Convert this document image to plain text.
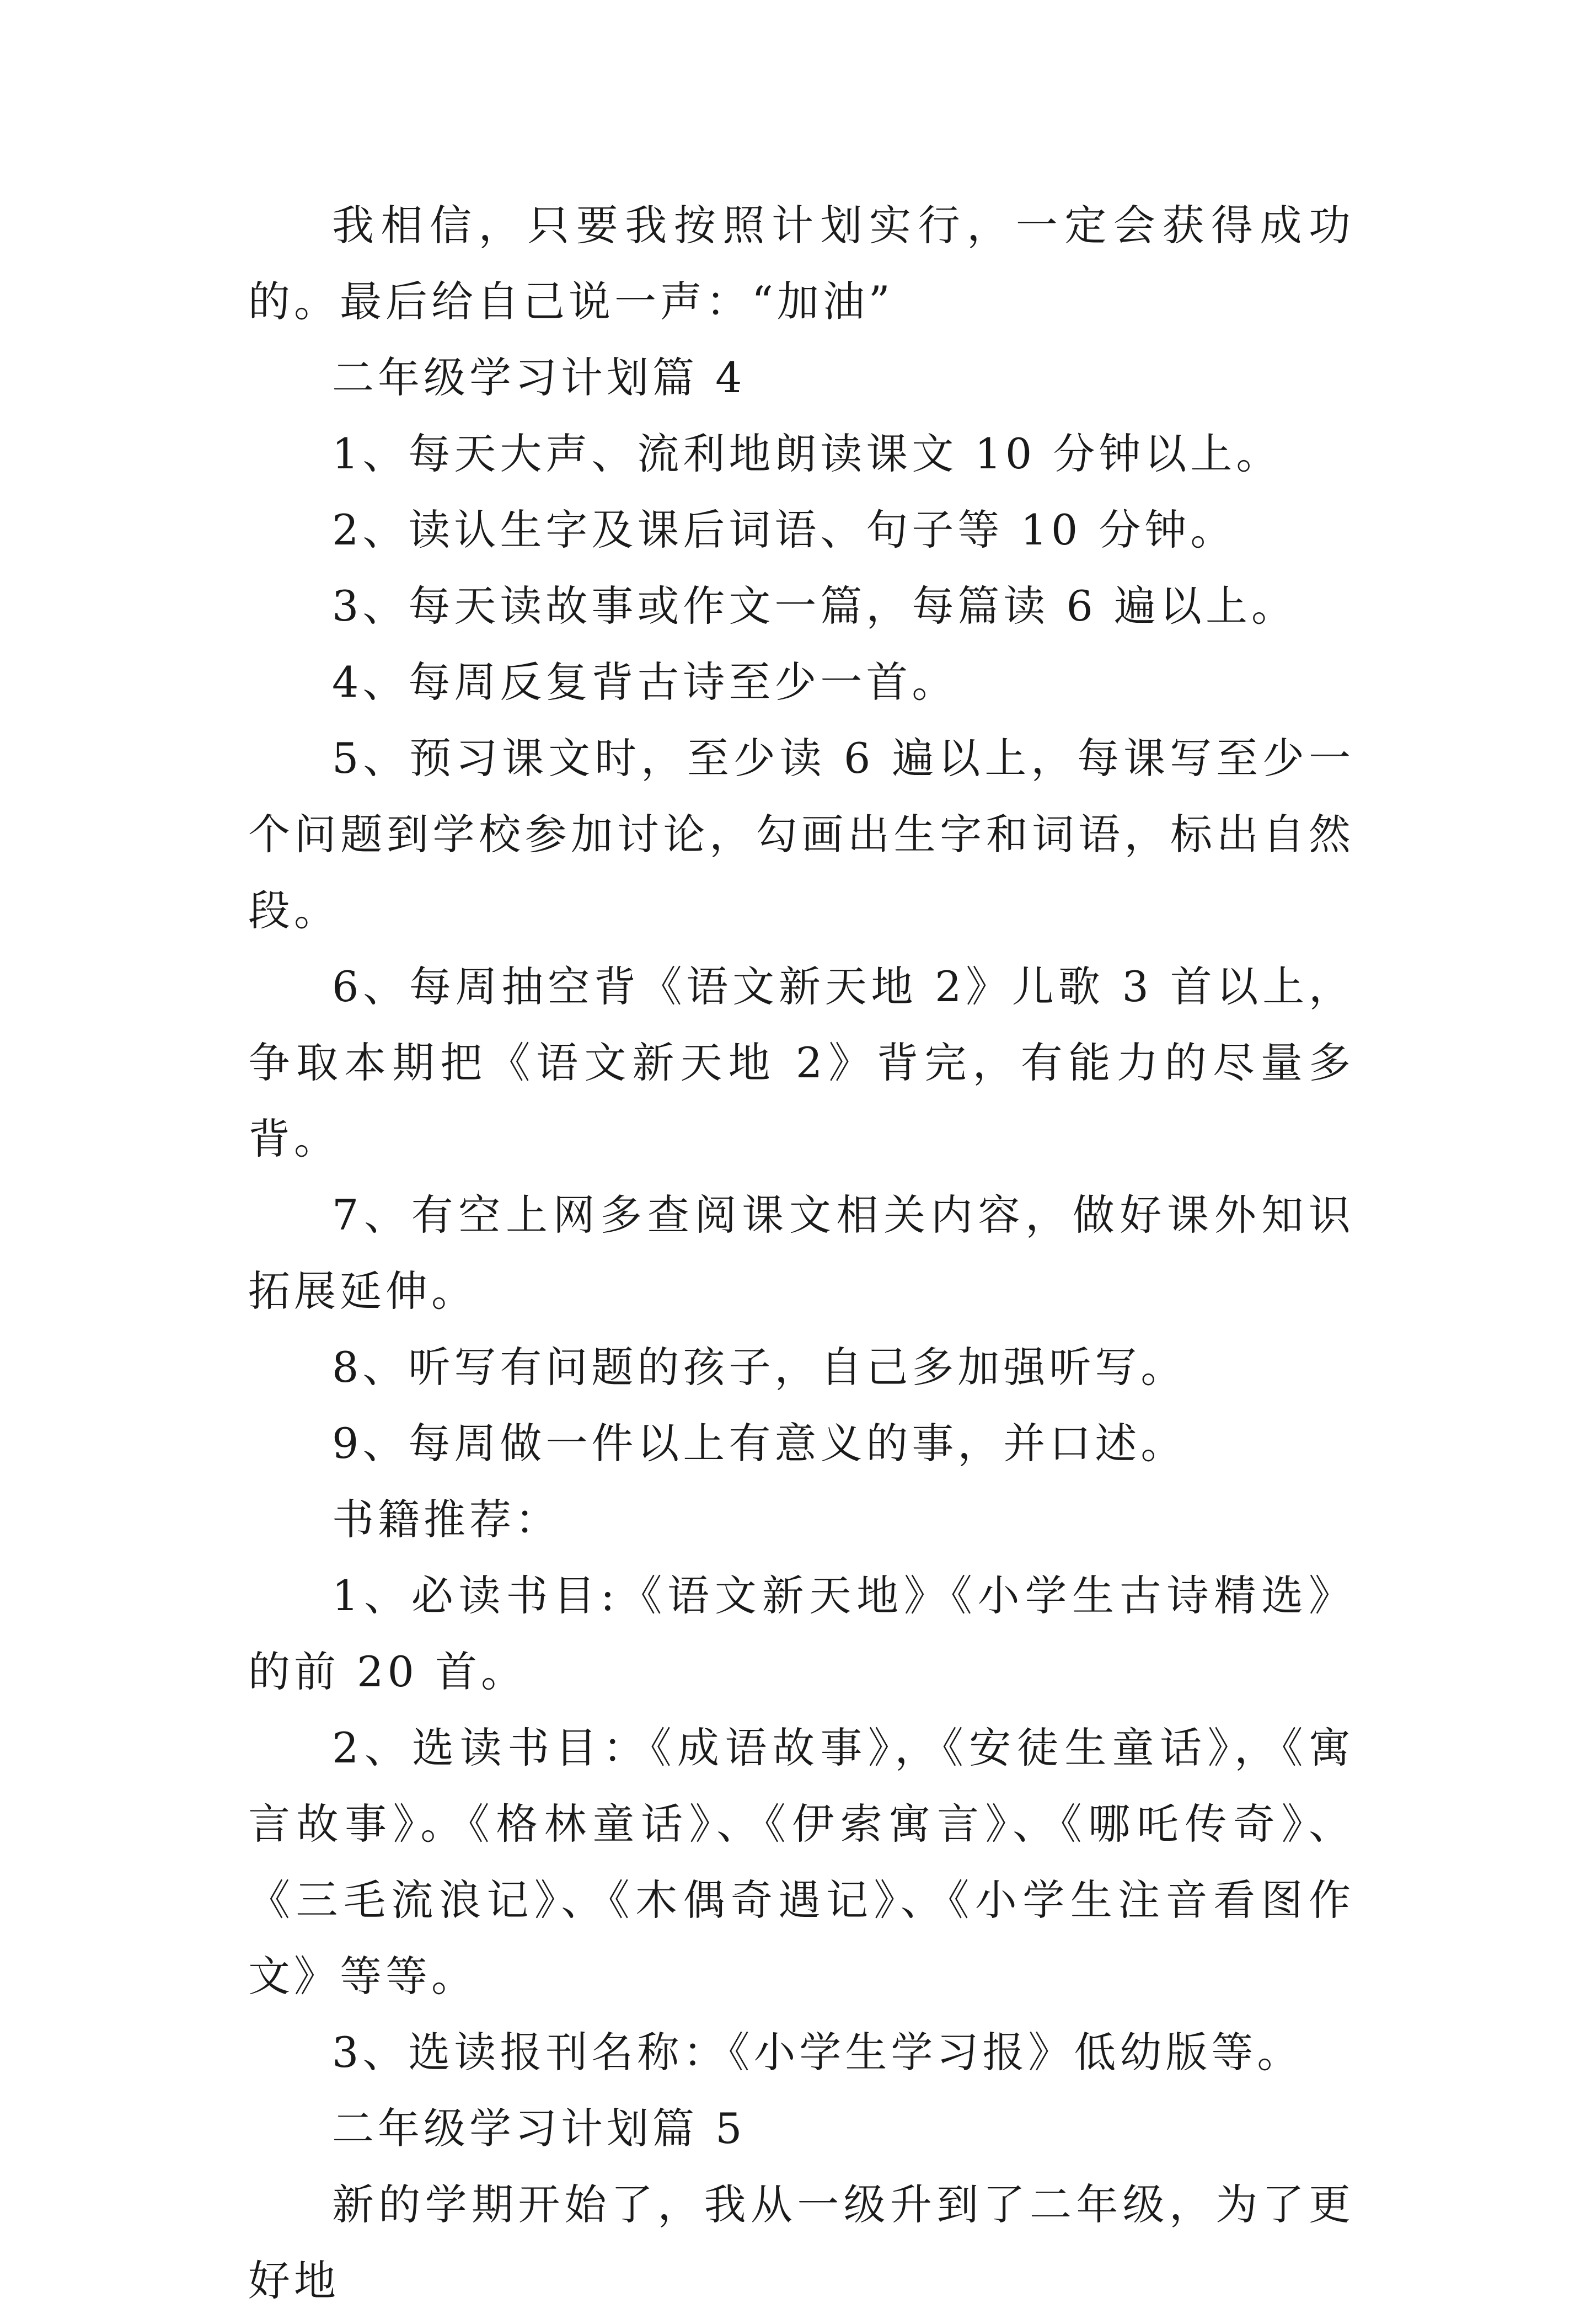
我相信，只要我按照计划实行，一定会获得成功的。最后给自己说一声：“加油”

二年级学习计划篇 4

1、每天大声、流利地朗读课文 10 分钟以上。

2、读认生字及课后词语、句子等 10 分钟。

3、每天读故事或作文一篇，每篇读 6 遍以上。

4、每周反复背古诗至少一首。

5、预习课文时，至少读 6 遍以上，每课写至少一个问题到学校参加讨论，勾画出生字和词语，标出自然段。

6、每周抽空背《语文新天地 2》儿歌 3 首以上，争取本期把《语文新天地 2》背完，有能力的尽量多背。

7、有空上网多查阅课文相关内容，做好课外知识拓展延伸。

8、听写有问题的孩子，自己多加强听写。

9、每周做一件以上有意义的事，并口述。

书籍推荐：

1、必读书目:《语文新天地》《小学生古诗精选》的前 20 首。

2、选读书目：《成语故事》，《安徒生童话》，《寓言故事》。《格林童话》、《伊索寓言》、《哪吒传奇》、《三毛流浪记》、《木偶奇遇记》、《小学生注音看图作文》等等。

3、选读报刊名称：《小学生学习报》低幼版等。

二年级学习计划篇 5

新的学期开始了，我从一级升到了二年级，为了更好地
